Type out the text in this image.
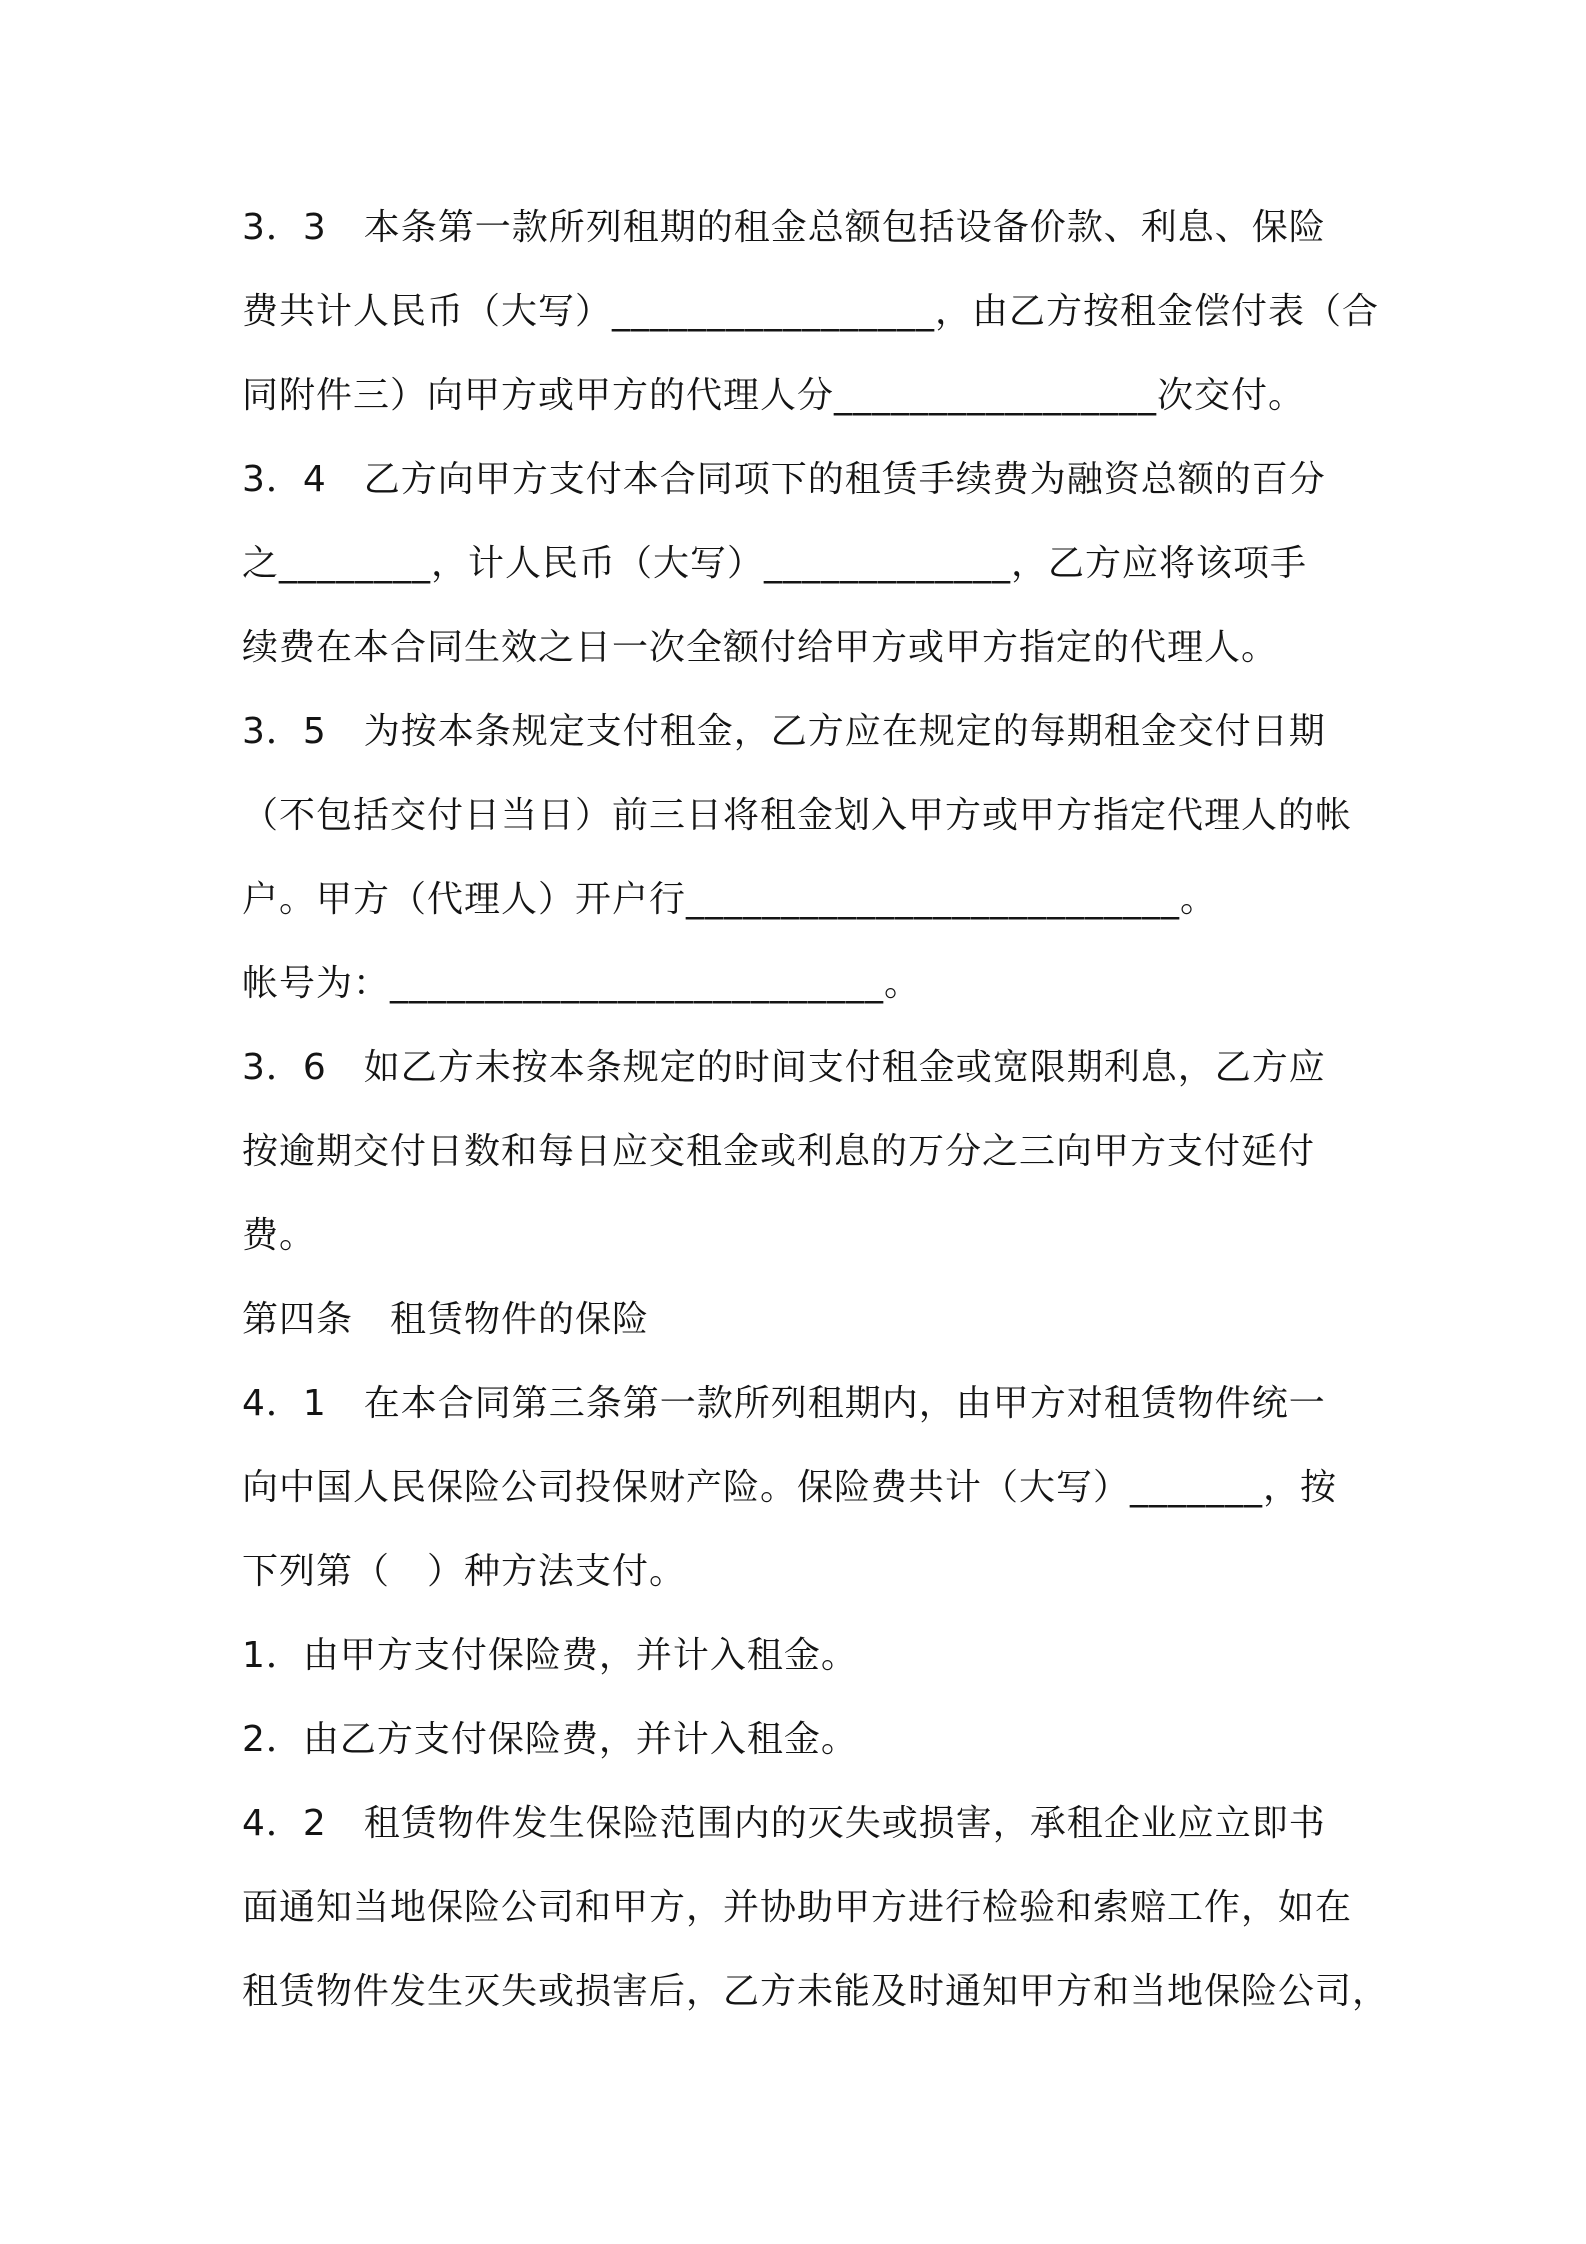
3．3　本条第一款所列租期的租金总额包括设备价款、利息、保险
费共计人民币（大写）_________________，由乙方按租金偿付表（合
同附件三）向甲方或甲方的代理人分_________________次交付。
3．4　乙方向甲方支付本合同项下的租赁手续费为融资总额的百分
之________，计人民币（大写）_____________，乙方应将该项手
续费在本合同生效之日一次全额付给甲方或甲方指定的代理人。
3．5　为按本条规定支付租金，乙方应在规定的每期租金交付日期
（不包括交付日当日）前三日将租金划入甲方或甲方指定代理人的帐
户。甲方（代理人）开户行__________________________。
帐号为：__________________________。
3．6　如乙方未按本条规定的时间支付租金或宽限期利息，乙方应
按逾期交付日数和每日应交租金或利息的万分之三向甲方支付延付
费。
第四条　租赁物件的保险
4．1　在本合同第三条第一款所列租期内，由甲方对租赁物件统一
向中国人民保险公司投保财产险。保险费共计（大写）_______，按
下列第（　）种方法支付。
1．由甲方支付保险费，并计入租金。
2．由乙方支付保险费，并计入租金。
4．2　租赁物件发生保险范围内的灭失或损害，承租企业应立即书
面通知当地保险公司和甲方，并协助甲方进行检验和索赔工作，如在
租赁物件发生灭失或损害后，乙方未能及时通知甲方和当地保险公司，
